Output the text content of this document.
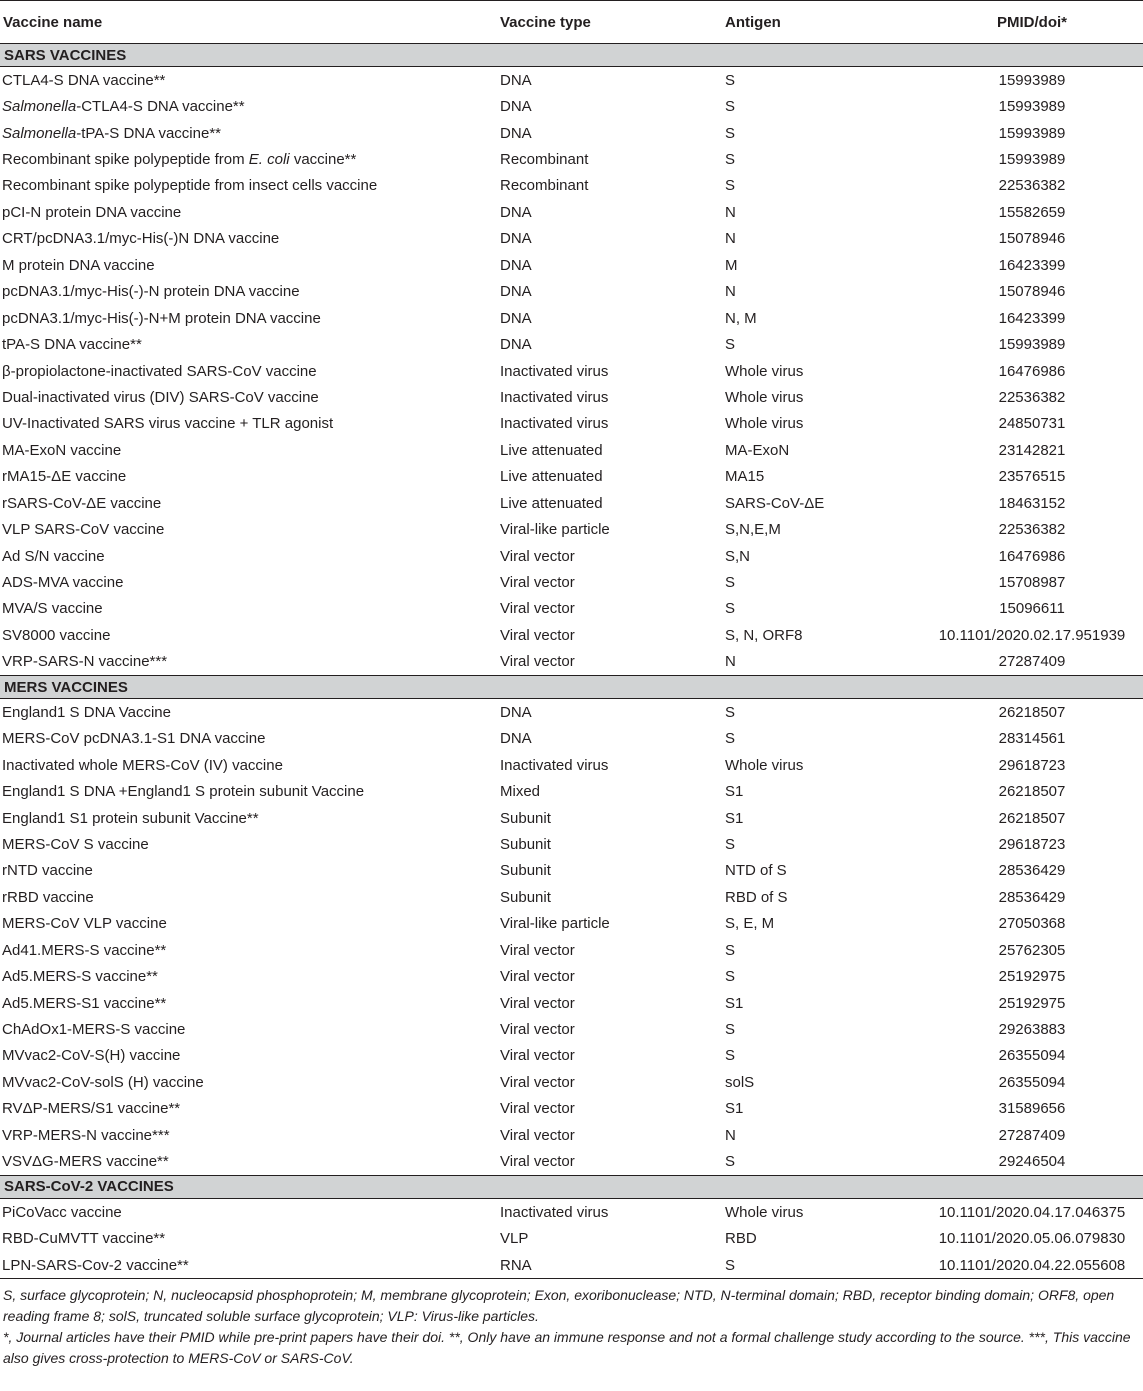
Vaccine name	Vaccine type	Antigen	PMID/doi*
SARS VACCINES			
CTLA4-S DNA vaccine**	DNA	S	15993989
Salmonella-CTLA4-S DNA vaccine**	DNA	S	15993989
Salmonella-tPA-S DNA vaccine**	DNA	S	15993989
Recombinant spike polypeptide from E. coli vaccine**	Recombinant	S	15993989
Recombinant spike polypeptide from insect cells vaccine	Recombinant	S	22536382
pCI-N protein DNA vaccine	DNA	N	15582659
CRT/pcDNA3.1/myc-His(-)N DNA vaccine	DNA	N	15078946
M protein DNA vaccine	DNA	M	16423399
pcDNA3.1/myc-His(-)-N protein DNA vaccine	DNA	N	15078946
pcDNA3.1/myc-His(-)-N+M protein DNA vaccine	DNA	N, M	16423399
tPA-S DNA vaccine**	DNA	S	15993989
β-propiolactone-inactivated SARS-CoV vaccine	Inactivated virus	Whole virus	16476986
Dual-inactivated virus (DIV) SARS-CoV vaccine	Inactivated virus	Whole virus	22536382
UV-Inactivated SARS virus vaccine + TLR agonist	Inactivated virus	Whole virus	24850731
MA-ExoN vaccine	Live attenuated	MA-ExoN	23142821
rMA15-ΔE vaccine	Live attenuated	MA15	23576515
rSARS-CoV-ΔE vaccine	Live attenuated	SARS-CoV-ΔE	18463152
VLP SARS-CoV vaccine	Viral-like particle	S,N,E,M	22536382
Ad S/N vaccine	Viral vector	S,N	16476986
ADS-MVA vaccine	Viral vector	S	15708987
MVA/S vaccine	Viral vector	S	15096611
SV8000 vaccine	Viral vector	S, N, ORF8	10.1101/2020.02.17.951939
VRP-SARS-N vaccine***	Viral vector	N	27287409
MERS VACCINES			
England1 S DNA Vaccine	DNA	S	26218507
MERS-CoV pcDNA3.1-S1 DNA vaccine	DNA	S	28314561
Inactivated whole MERS-CoV (IV) vaccine	Inactivated virus	Whole virus	29618723
England1 S DNA +England1 S protein subunit Vaccine	Mixed	S1	26218507
England1 S1 protein subunit Vaccine**	Subunit	S1	26218507
MERS-CoV S vaccine	Subunit	S	29618723
rNTD vaccine	Subunit	NTD of S	28536429
rRBD vaccine	Subunit	RBD of S	28536429
MERS-CoV VLP vaccine	Viral-like particle	S, E, M	27050368
Ad41.MERS-S vaccine**	Viral vector	S	25762305
Ad5.MERS-S vaccine**	Viral vector	S	25192975
Ad5.MERS-S1 vaccine**	Viral vector	S1	25192975
ChAdOx1-MERS-S vaccine	Viral vector	S	29263883
MVvac2-CoV-S(H) vaccine	Viral vector	S	26355094
MVvac2-CoV-solS (H) vaccine	Viral vector	solS	26355094
RVΔP-MERS/S1 vaccine**	Viral vector	S1	31589656
VRP-MERS-N vaccine***	Viral vector	N	27287409
VSVΔG-MERS vaccine**	Viral vector	S	29246504
SARS-CoV-2 VACCINES			
PiCoVacc vaccine	Inactivated virus	Whole virus	10.1101/2020.04.17.046375
RBD-CuMVTT vaccine**	VLP	RBD	10.1101/2020.05.06.079830
LPN-SARS-Cov-2 vaccine**	RNA	S	10.1101/2020.04.22.055608

S, surface glycoprotein; N, nucleocapsid phosphoprotein; M, membrane glycoprotein; Exon, exoribonuclease; NTD, N-terminal domain; RBD, receptor binding domain; ORF8, open reading frame 8; solS, truncated soluble surface glycoprotein; VLP: Virus-like particles.

*, Journal articles have their PMID while pre-print papers have their doi. **, Only have an immune response and not a formal challenge study according to the source. ***, This vaccine also gives cross-protection to MERS-CoV or SARS-CoV.
